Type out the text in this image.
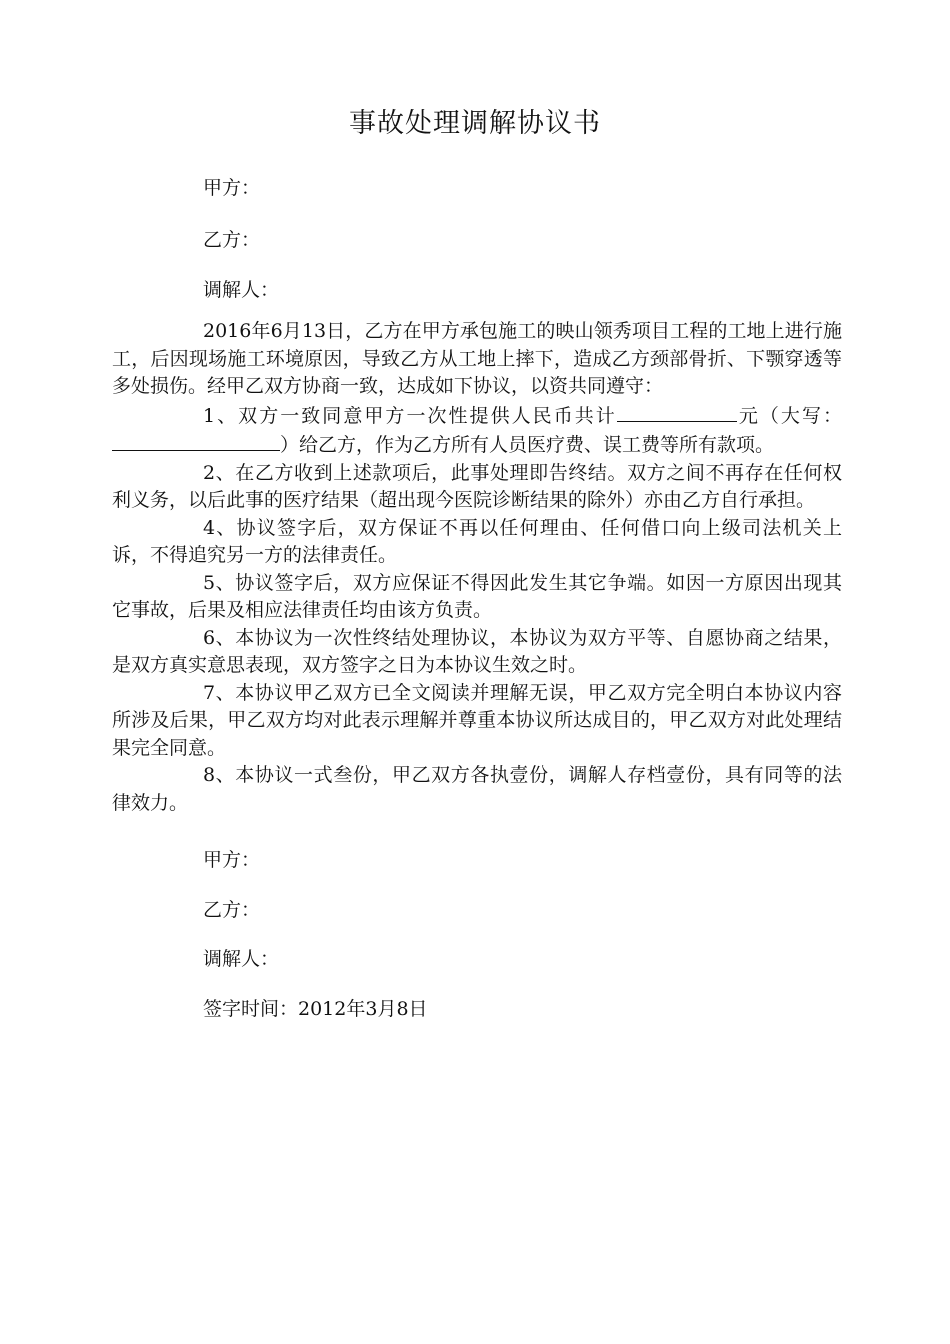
事故处理调解协议书
甲方：
乙方：
调解人：

2016年6月13日，乙方在甲方承包施工的映山领秀项目工程的工地上进行施工，后因现场施工环境原因，导致乙方从工地上摔下，造成乙方颈部骨折、下颚穿透等多处损伤。经甲乙双方协商一致，达成如下协议，以资共同遵守：

1、双方一致同意甲方一次性提供人民币共计	元（大写：）给乙方，作为乙方所有人员医疗费、误工费等所有款项。

2、在乙方收到上述款项后，此事处理即告终结。双方之间不再存在任何权利义务，以后此事的医疗结果（超出现今医院诊断结果的除外）亦由乙方自行承担。

4、协议签字后，双方保证不再以任何理由、任何借口向上级司法机关上诉，不得追究另一方的法律责任。

5、协议签字后，双方应保证不得因此发生其它争端。如因一方原因出现其它事故，后果及相应法律责任均由该方负责。

6、本协议为一次性终结处理协议，本协议为双方平等、自愿协商之结果，是双方真实意思表现，双方签字之日为本协议生效之时。

7、本协议甲乙双方已全文阅读并理解无误，甲乙双方完全明白本协议内容所涉及后果，甲乙双方均对此表示理解并尊重本协议所达成目的，甲乙双方对此处理结果完全同意。

8、本协议一式叁份，甲乙双方各执壹份，调解人存档壹份，具有同等的法律效力。

甲方：
乙方：
调解人：
签字时间：2012年3月8日
